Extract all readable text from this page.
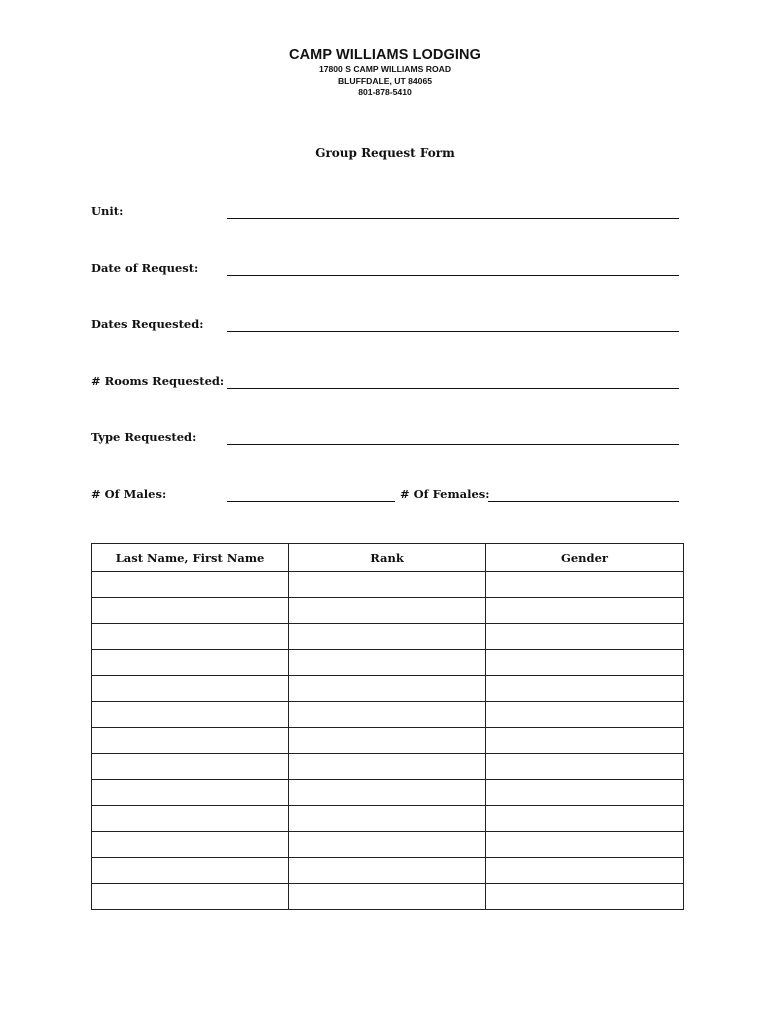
CAMP WILLIAMS LODGING
17800 S CAMP WILLIAMS ROAD
BLUFFDALE, UT 84065
801-878-5410
Group Request Form
Unit:
Date of Request:
Dates Requested:
# Rooms Requested:
Type Requested:
# Of Males:	# Of Females:
Last Name, First Name	Rank	Gender
